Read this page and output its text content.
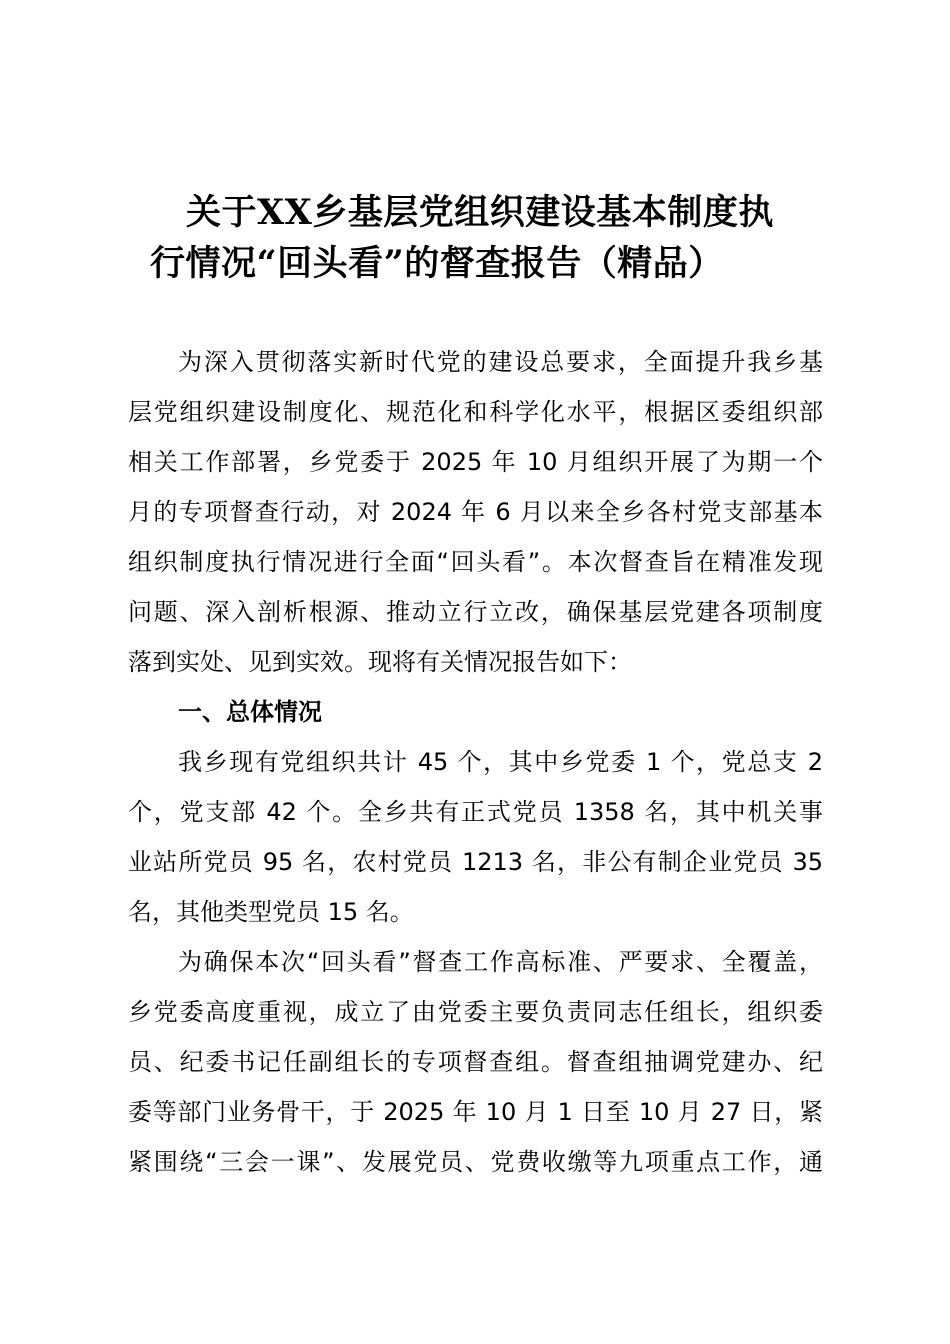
关于XX乡基层党组织建设基本制度执
行情况“回头看”的督查报告（精品）
为深入贯彻落实新时代党的建设总要求，全面提升我乡基
层党组织建设制度化、规范化和科学化水平，根据区委组织部
相关工作部署，乡党委于 2025 年 10 月组织开展了为期一个
月的专项督查行动，对 2024 年 6 月以来全乡各村党支部基本
组织制度执行情况进行全面“回头看”。本次督查旨在精准发现
问题、深入剖析根源、推动立行立改，确保基层党建各项制度
落到实处、见到实效。现将有关情况报告如下：
一、总体情况
我乡现有党组织共计 45 个，其中乡党委 1 个，党总支 2
个，党支部 42 个。全乡共有正式党员 1358 名，其中机关事
业站所党员 95 名，农村党员 1213 名，非公有制企业党员 35
名，其他类型党员 15 名。
为确保本次“回头看”督查工作高标准、严要求、全覆盖，
乡党委高度重视，成立了由党委主要负责同志任组长，组织委
员、纪委书记任副组长的专项督查组。督查组抽调党建办、纪
委等部门业务骨干，于 2025 年 10 月 1 日至 10 月 27 日，紧
紧围绕“三会一课”、发展党员、党费收缴等九项重点工作，通
